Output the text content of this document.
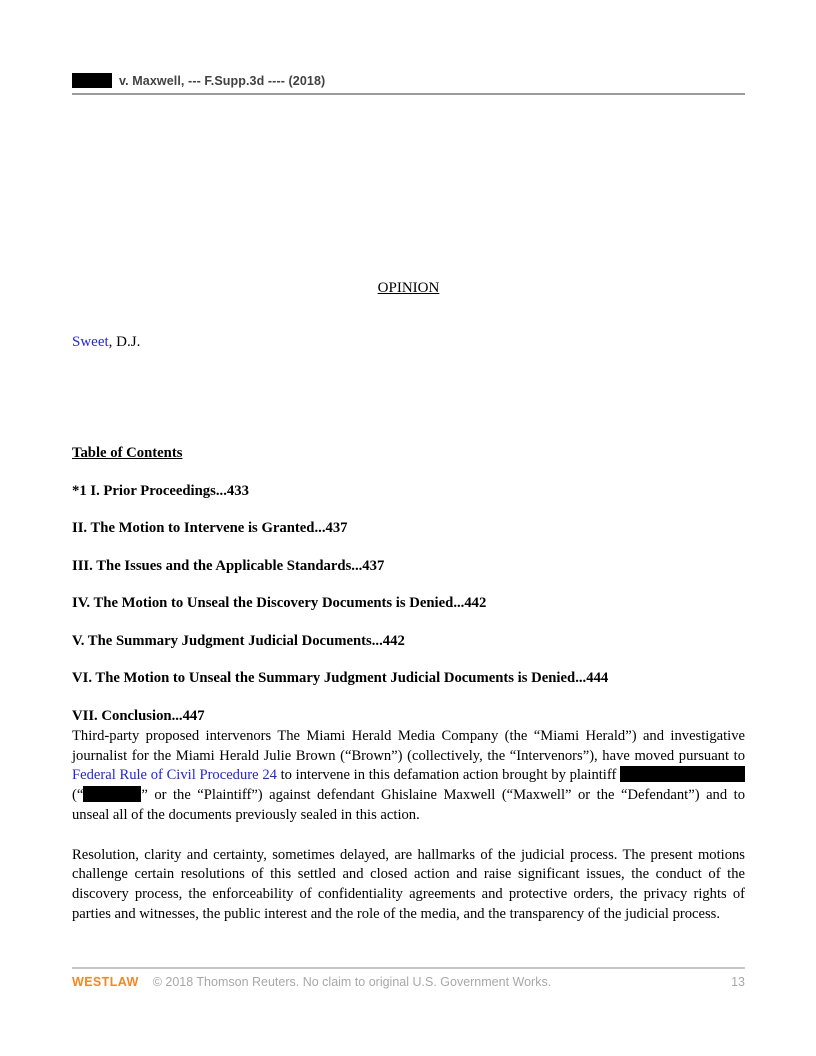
v. Maxwell, --- F.Supp.3d ---- (2018)
OPINION
Sweet, D.J.
Table of Contents
*1 I. Prior Proceedings...433
II. The Motion to Intervene is Granted...437
III. The Issues and the Applicable Standards...437
IV. The Motion to Unseal the Discovery Documents is Denied...442
V. The Summary Judgment Judicial Documents...442
VI. The Motion to Unseal the Summary Judgment Judicial Documents is Denied...444
VII. Conclusion...447

Third-party proposed intervenors The Miami Herald Media Company (the “Miami Herald”) and investigative journalist for the Miami Herald Julie Brown (“Brown”) (collectively, the “Intervenors”), have moved pursuant to Federal Rule of Civil Procedure 24 to intervene in this defamation action brought by plaintiff  (“	” or the “Plaintiff”) against defendant Ghislaine Maxwell (“Maxwell” or the “Defendant”) and to unseal all of the documents previously sealed in this action.

Resolution, clarity and certainty, sometimes delayed, are hallmarks of the judicial process. The present motions challenge certain resolutions of this settled and closed action and raise significant issues, the conduct of the discovery process, the enforceability of confidentiality agreements and protective orders, the privacy rights of parties and witnesses, the public interest and the role of the media, and the transparency of the judicial process.

WESTLAW © 2018 Thomson Reuters. No claim to original U.S. Government Works.	13
